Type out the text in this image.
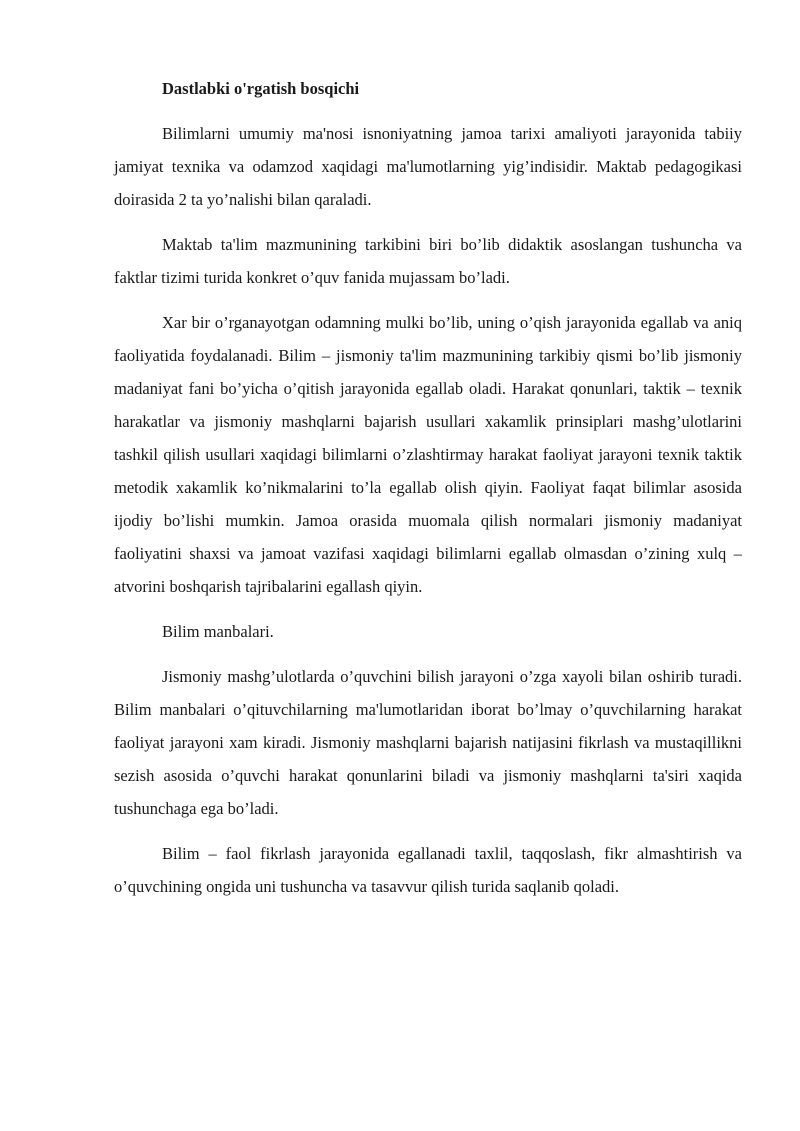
Dastlabki o'rgatish bosqichi

Bilimlarni umumiy ma'nosi isnoniyatning jamoa tarixi amaliyoti jarayonida tabiiy jamiyat texnika va odamzod xaqidagi ma'lumotlarning yig’indisidir. Maktab pedagogikasi doirasida 2 ta yo’nalishi bilan qaraladi.

Maktab ta'lim mazmunining tarkibini biri bo’lib didaktik asoslangan tushuncha va faktlar tizimi turida konkret o’quv fanida mujassam bo’ladi.

Xar bir o’rganayotgan odamning mulki bo’lib, uning o’qish jarayonida egallab va aniq faoliyatida foydalanadi. Bilim – jismoniy ta'lim mazmunining tarkibiy qismi bo’lib jismoniy madaniyat fani bo’yicha o’qitish jarayonida egallab oladi. Harakat qonunlari, taktik – texnik harakatlar va jismoniy mashqlarni bajarish usullari xakamlik prinsiplari mashg’ulotlarini tashkil qilish usullari xaqidagi bilimlarni o’zlashtirmay harakat faoliyat jarayoni texnik taktik metodik xakamlik ko’nikmalarini to’la egallab olish qiyin. Faoliyat faqat bilimlar asosida ijodiy bo’lishi mumkin. Jamoa orasida muomala qilish normalari jismoniy madaniyat faoliyatini shaxsi va jamoat vazifasi xaqidagi bilimlarni egallab olmasdan o’zining xulq – atvorini boshqarish tajribalarini egallash qiyin.

Bilim manbalari.

Jismoniy mashg’ulotlarda o’quvchini bilish jarayoni o’zga xayoli bilan oshirib turadi. Bilim manbalari o’qituvchilarning ma'lumotlaridan iborat bo’lmay o’quvchilarning harakat faoliyat jarayoni xam kiradi. Jismoniy mashqlarni bajarish natijasini fikrlash va mustaqillikni sezish asosida o’quvchi harakat qonunlarini biladi va jismoniy mashqlarni ta'siri xaqida tushunchaga ega bo’ladi.

Bilim – faol fikrlash jarayonida egallanadi taxlil, taqqoslash, fikr almashtirish va o’quvchining ongida uni tushuncha va tasavvur qilish turida saqlanib qoladi.
